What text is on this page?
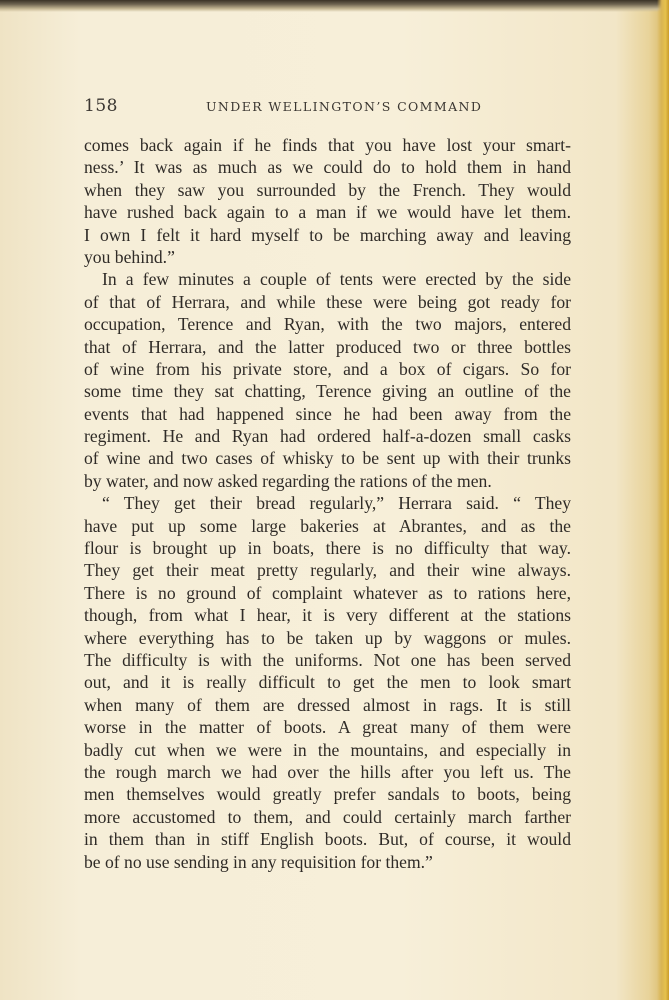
158	UNDER WELLINGTON’S COMMAND
comes back again if he finds that you have lost your smart-
ness.’ It was as much as we could do to hold them in hand
when they saw you surrounded by the French. They would
have rushed back again to a man if we would have let them.
I own I felt it hard myself to be marching away and leaving
you behind.”
In a few minutes a couple of tents were erected by the side
of that of Herrara, and while these were being got ready for
occupation, Terence and Ryan, with the two majors, entered
that of Herrara, and the latter produced two or three bottles
of wine from his private store, and a box of cigars. So for
some time they sat chatting, Terence giving an outline of the
events that had happened since he had been away from the
regiment. He and Ryan had ordered half-a-dozen small casks
of wine and two cases of whisky to be sent up with their trunks
by water, and now asked regarding the rations of the men.
“ They get their bread regularly,” Herrara said. “ They
have put up some large bakeries at Abrantes, and as the
flour is brought up in boats, there is no difficulty that way.
They get their meat pretty regularly, and their wine always.
There is no ground of complaint whatever as to rations here,
though, from what I hear, it is very different at the stations
where everything has to be taken up by waggons or mules.
The difficulty is with the uniforms. Not one has been served
out, and it is really difficult to get the men to look smart
when many of them are dressed almost in rags. It is still
worse in the matter of boots. A great many of them were
badly cut when we were in the mountains, and especially in
the rough march we had over the hills after you left us. The
men themselves would greatly prefer sandals to boots, being
more accustomed to them, and could certainly march farther
in them than in stiff English boots. But, of course, it would
be of no use sending in any requisition for them.”
